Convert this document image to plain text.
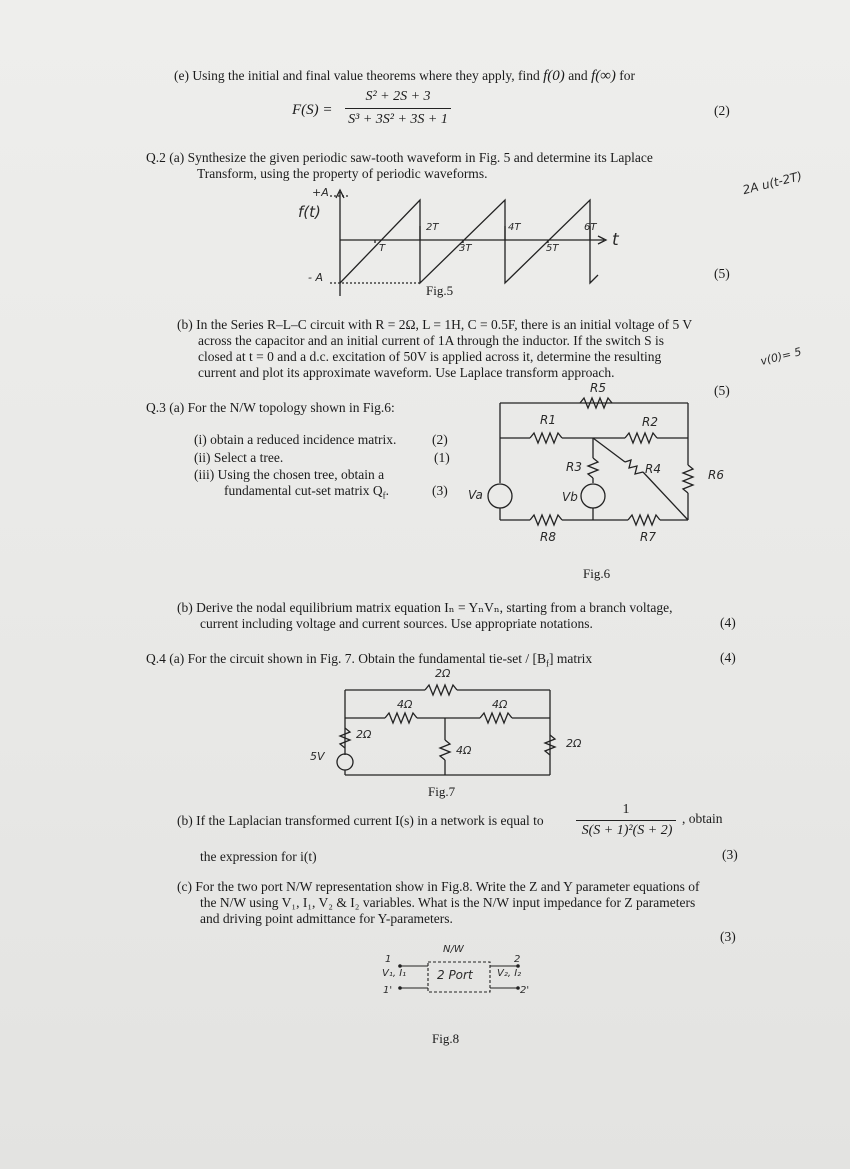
(e) Using the initial and final value theorems where they apply, find f(0) and f(∞) for
F(S) =
S² + 2S + 3
S³ + 3S² + 3S + 1
(2)
Q.2 (a) Synthesize the given periodic saw-tooth waveform in Fig. 5 and determine its Laplace
Transform, using the property of periodic waveforms.	2A u(t-2T)
+A
f(t)
- A
t
T
2T
3T
4T
5T
6T
Fig.5
(5)
(b) In the Series R–L–C circuit with R = 2Ω, L = 1H, C = 0.5F, there is an initial voltage of 5 V
across the capacitor and an initial current of 1A through the inductor. If the switch S is
closed at t = 0 and a d.c. excitation of 50V is applied across it, determine the resulting
current and plot its approximate waveform. Use Laplace transform approach.
v(0)= 5
(5)
Q.3 (a) For the N/W topology shown in Fig.6:
(i) obtain a reduced incidence matrix.	(2)
(ii) Select a tree.	(1)
(iii) Using the chosen tree, obtain a
(3)
fundamental cut-set matrix $Q_f$.
R5
R1	R2
R3	R4	R6
Va	Vb
R8	R7
Fig.6
(b) Derive the nodal equilibrium matrix equation Iₙ = YₙVₙ, starting from a branch voltage,
current including voltage and current sources. Use appropriate notations.	(4)
Q.4 (a) For the circuit shown in Fig. 7. Obtain the fundamental $tie-set / [B_f]$ matrix	(4)
2Ω
4Ω	4Ω
2Ω
4Ω
2Ω
5V
Fig.7
(b) If the Laplacian transformed current I(s) in a network is equal to
1
S(S + 1)²(S + 2)
, obtain
the expression for i(t)	(3)
(c) For the two port N/W representation show in Fig.8. Write the Z and Y parameter equations of
the N/W using V₁, I₁, V₂ & I₂ variables. What is the N/W input impedance for Z parameters
and driving point admittance for Y-parameters.
(3)
N/W
2 Port
1
1'
V₁, I₁	V₂, I₂
2
2'
Fig.8
